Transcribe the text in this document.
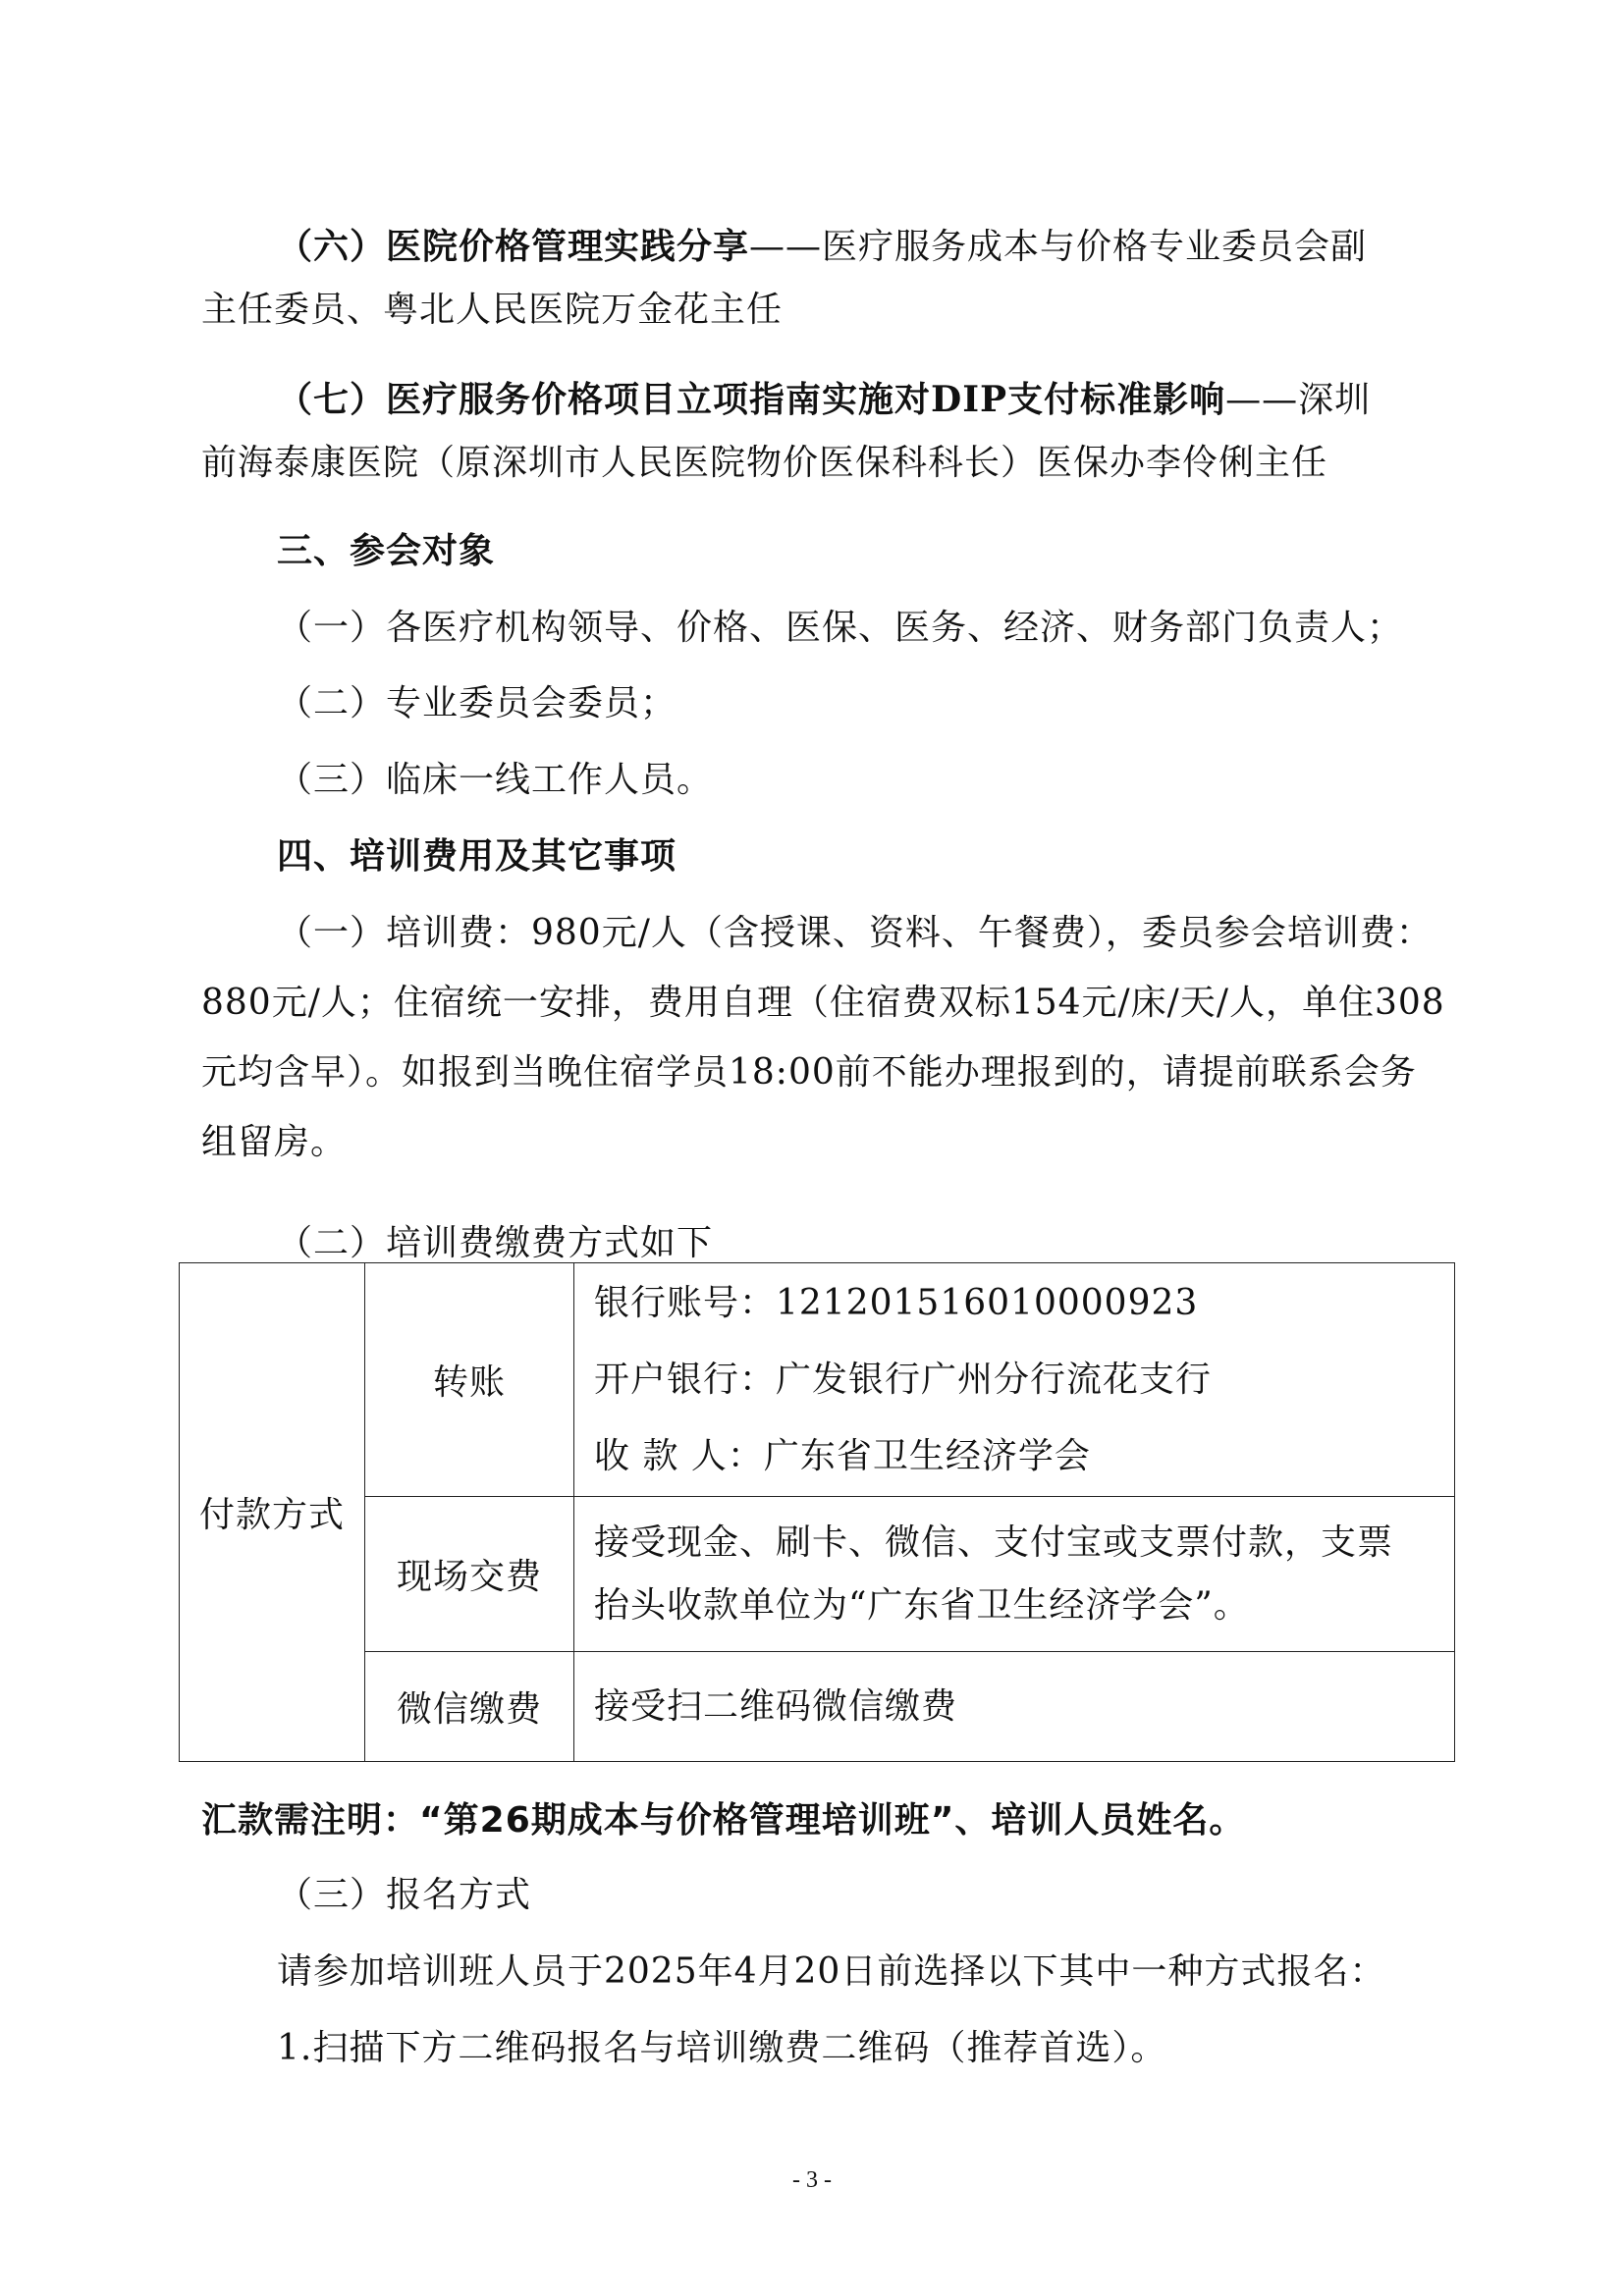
（六）医院价格管理实践分享——医疗服务成本与价格专业委员会副
主任委员、粤北人民医院万金花主任
（七）医疗服务价格项目立项指南实施对DIP支付标准影响——深圳
前海泰康医院（原深圳市人民医院物价医保科科长）医保办李伶俐主任
三、参会对象
（一）各医疗机构领导、价格、医保、医务、经济、财务部门负责人；
（二）专业委员会委员；
（三）临床一线工作人员。
四、培训费用及其它事项
（一）培训费：980元/人（含授课、资料、午餐费），委员参会培训费：
880元/人；住宿统一安排，费用自理（住宿费双标154元/床/天/人，单住308
元均含早）。如报到当晚住宿学员18:00前不能办理报到的，请提前联系会务
组留房。
（二）培训费缴费方式如下
付款方式	转账	银行账号：121201516010000923
开户银行：广发银行广州分行流花支行
收 款 人：广东省卫生经济学会

	现场交费	接受现金、刷卡、微信、支付宝或支票付款，支票
抬头收款单位为“广东省卫生经济学会”。

	微信缴费	接受扫二维码微信缴费
汇款需注明：“第26期成本与价格管理培训班”、培训人员姓名。
（三）报名方式
请参加培训班人员于2025年4月20日前选择以下其中一种方式报名：
1.扫描下方二维码报名与培训缴费二维码（推荐首选）。
- 3 -
